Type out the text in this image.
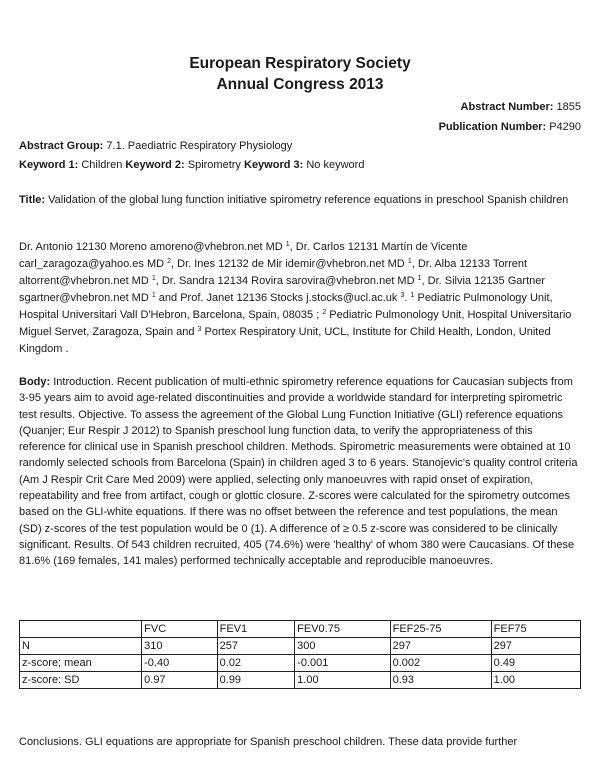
European Respiratory Society
Annual Congress 2013
Abstract Number: 1855
Publication Number: P4290
Abstract Group: 7.1. Paediatric Respiratory Physiology
Keyword 1: Children Keyword 2: Spirometry Keyword 3: No keyword
Title: Validation of the global lung function initiative spirometry reference equations in preschool Spanish children
Dr. Antonio 12130 Moreno amoreno@vhebron.net MD $^1$, Dr. Carlos 12131 Martín de Vicente carl_zaragoza@yahoo.es MD $^2$, Dr. Ines 12132 de Mir idemir@vhebron.net MD $^1$, Dr. Alba 12133 Torrent altorrent@vhebron.net MD $^1$, Dr. Sandra 12134 Rovira sarovira@vhebron.net MD $^1$, Dr. Silvia 12135 Gartner sgartner@vhebron.net MD $^1$ and Prof. Janet 12136 Stocks j.stocks@ucl.ac.uk $^3$. $^1$ Pediatric Pulmonology Unit, Hospital Universitari Vall D'Hebron, Barcelona, Spain, 08035 ; $^2$ Pediatric Pulmonology Unit, Hospital Universitario Miguel Servet, Zaragoza, Spain and $^3$ Portex Respiratory Unit, UCL, Institute for Child Health, London, United Kingdom .
Body: Introduction. Recent publication of multi-ethnic spirometry reference equations for Caucasian subjects from 3-95 years aim to avoid age-related discontinuities and provide a worldwide standard for interpreting spirometric test results. Objective. To assess the agreement of the Global Lung Function Initiative (GLI) reference equations (Quanjer; Eur Respir J 2012) to Spanish preschool lung function data, to verify the appropriateness of this reference for clinical use in Spanish preschool children. Methods. Spirometric measurements were obtained at 10 randomly selected schools from Barcelona (Spain) in children aged 3 to 6 years. Stanojevic's quality control criteria (Am J Respir Crit Care Med 2009) were applied, selecting only manoeuvres with rapid onset of expiration, repeatability and free from artifact, cough or glottic closure. Z-scores were calculated for the spirometry outcomes based on the GLI-white equations. If there was no offset between the reference and test populations, the mean (SD) z-scores of the test population would be 0 (1). A difference of ≥ 0.5 z-score was considered to be clinically significant. Results. Of 543 children recruited, 405 (74.6%) were 'healthy' of whom 380 were Caucasians. Of these 81.6% (169 females, 141 males) performed technically acceptable and reproducible manoeuvres.
	FVC	FEV1	FEV0.75	FEF25-75	FEF75
N	310	257	300	297	297
z-score; mean	-0.40	0.02	-0.001	0.002	0.49
z-score: SD	0.97	0.99	1.00	0.93	1.00
Conclusions. GLI equations are appropriate for Spanish preschool children. These data provide further
